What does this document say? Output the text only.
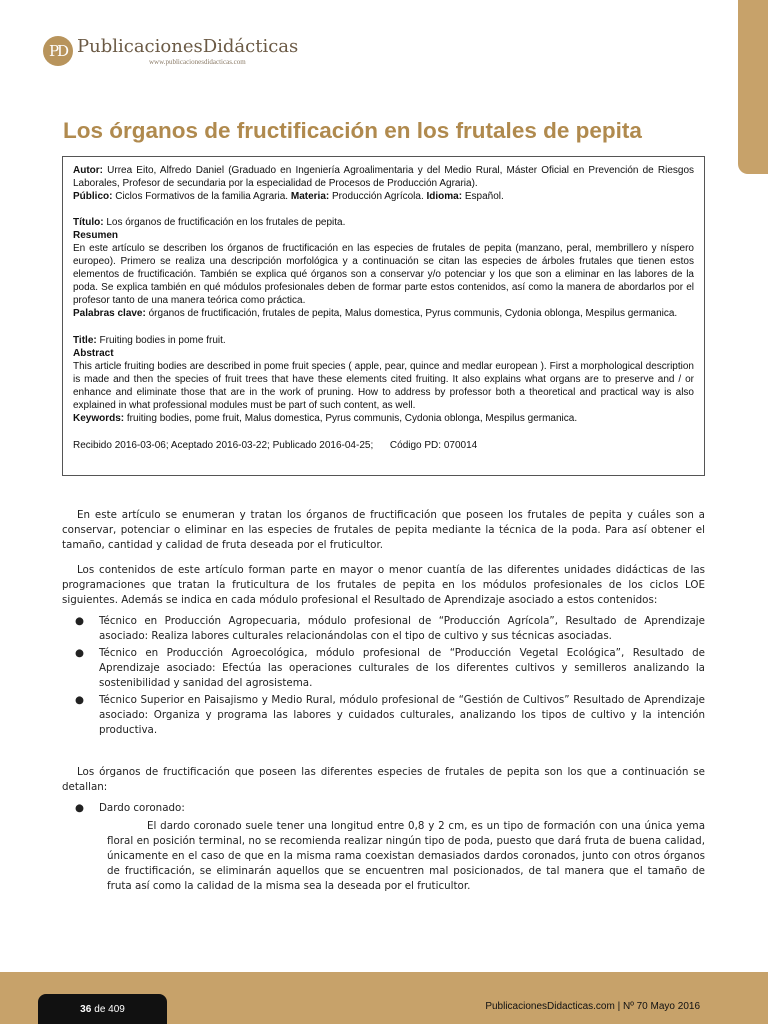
PD PublicacionesDidácticas
www.publicacionesdidacticas.com
Los órganos de fructificación en los frutales de pepita

Autor: Urrea Eito, Alfredo Daniel (Graduado en Ingeniería Agroalimentaria y del Medio Rural, Máster Oficial en Prevención de Riesgos Laborales, Profesor de secundaria por la especialidad de Procesos de Producción Agraria).

Público: Ciclos Formativos de la familia Agraria. Materia: Producción Agrícola. Idioma: Español.

Título: Los órganos de fructificación en los frutales de pepita.

Resumen

En este artículo se describen los órganos de fructificación en las especies de frutales de pepita (manzano, peral, membrillero y níspero europeo). Primero se realiza una descripción morfológica y a continuación se citan las especies de árboles frutales que tienen estos elementos de fructificación. También se explica qué órganos son a conservar y/o potenciar y los que son a eliminar en las labores de la poda. Se explica también en qué módulos profesionales deben de formar parte estos contenidos, así como la manera de abordarlos por el profesor tanto de una manera teórica como práctica.

Palabras clave: órganos de fructificación, frutales de pepita, Malus domestica, Pyrus communis, Cydonia oblonga, Mespilus germanica.

Title: Fruiting bodies in pome fruit.

Abstract

This article fruiting bodies are described in pome fruit species ( apple, pear, quince and medlar european ). First a morphological description is made and then the species of fruit trees that have these elements cited fruiting. It also explains what organs are to preserve and / or enhance and eliminate those that are in the work of pruning. How to address by professor both a theoretical and practical way is also explained in what professional modules must be part of such content, as well.

Keywords: fruiting bodies, pome fruit, Malus domestica, Pyrus communis, Cydonia oblonga, Mespilus germanica.

Recibido 2016-03-06; Aceptado 2016-03-22; Publicado 2016-04-25; Código PD: 070014

En este artículo se enumeran y tratan los órganos de fructificación que poseen los frutales de pepita y cuáles son a conservar, potenciar o eliminar en las especies de frutales de pepita mediante la técnica de la poda. Para así obtener el tamaño, cantidad y calidad de fruta deseada por el fruticultor.

Los contenidos de este artículo forman parte en mayor o menor cuantía de las diferentes unidades didácticas de las programaciones que tratan la fruticultura de los frutales de pepita en los módulos profesionales de los ciclos LOE siguientes. Además se indica en cada módulo profesional el Resultado de Aprendizaje asociado a estos contenidos:

● Técnico en Producción Agropecuaria, módulo profesional de “Producción Agrícola”, Resultado de Aprendizaje asociado: Realiza labores culturales relacionándolas con el tipo de cultivo y sus técnicas asociadas.
● Técnico en Producción Agroecológica, módulo profesional de “Producción Vegetal Ecológica”, Resultado de Aprendizaje asociado: Efectúa las operaciones culturales de los diferentes cultivos y semilleros analizando la sostenibilidad y sanidad del agrosistema.
● Técnico Superior en Paisajismo y Medio Rural, módulo profesional de “Gestión de Cultivos” Resultado de Aprendizaje asociado: Organiza y programa las labores y cuidados culturales, analizando los tipos de cultivo y la intención productiva.

Los órganos de fructificación que poseen las diferentes especies de frutales de pepita son los que a continuación se detallan:

● Dardo coronado:

El dardo coronado suele tener una longitud entre 0,8 y 2 cm, es un tipo de formación con una única yema floral en posición terminal, no se recomienda realizar ningún tipo de poda, puesto que dará fruta de buena calidad, únicamente en el caso de que en la misma rama coexistan demasiados dardos coronados, junto con otros órganos de fructificación, se eliminarán aquellos que se encuentren mal posicionados, de tal manera que el tamaño de fruta así como la calidad de la misma sea la deseada por el fruticultor.

36 de 409	PublicacionesDidacticas.com | Nº 70 Mayo 2016
